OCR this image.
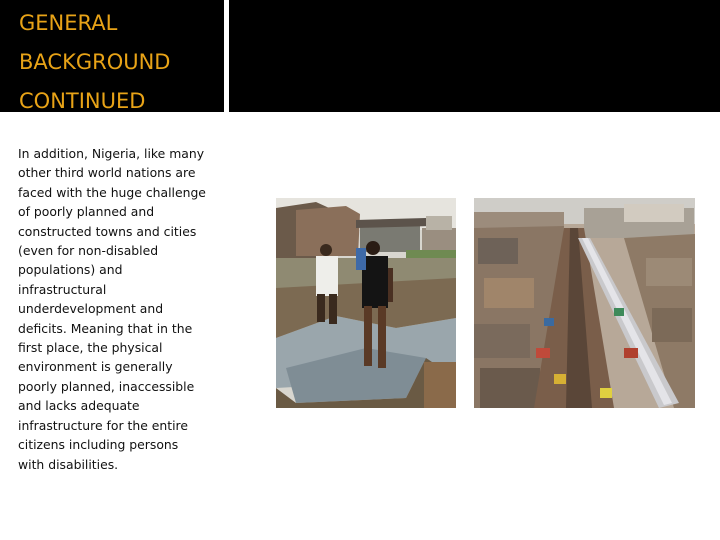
GENERAL
BACKGROUND
CONTINUED

In addition, Nigeria, like many other third world nations are faced with the huge challenge of poorly planned and constructed towns and cities (even for non-disabled populations) and infrastructural underdevelopment and deficits. Meaning that in the first place, the physical environment is generally poorly planned, inaccessible and lacks adequate infrastructure for the entire citizens including persons with disabilities.
